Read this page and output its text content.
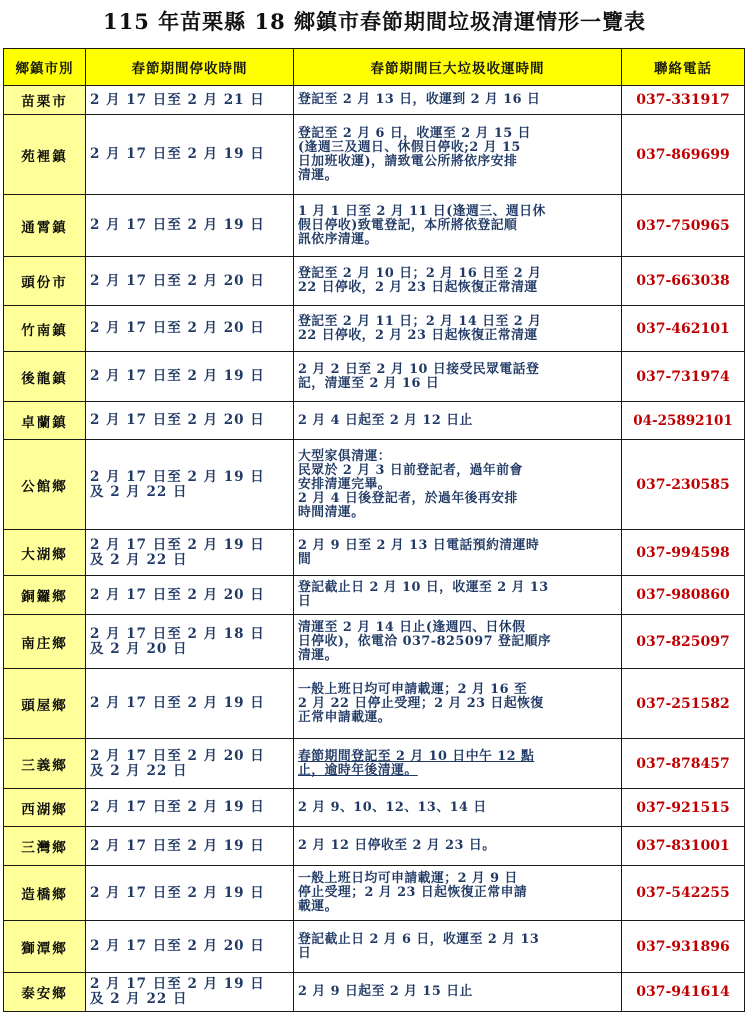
115 年苗栗縣 18 鄉鎮市春節期間垃圾清運情形一覽表
鄉鎮市別	春節期間停收時間	春節期間巨大垃圾收運時間	聯絡電話
苗栗市	2 月 17 日至 2 月 21 日	登記至 2 月 13 日，收運到 2 月 16 日	037-331917
苑裡鎮	2 月 17 日至 2 月 19 日	登記至 2 月 6 日，收運至 2 月 15 日
(逢週三及週日、休假日停收;2 月 15
日加班收運)，請致電公所將依序安排
清運。	037-869699
通霄鎮	2 月 17 日至 2 月 19 日	1 月 1 日至 2 月 11 日(逢週三、週日休
假日停收)致電登記，本所將依登記順
訊依序清運。	037-750965
頭份市	2 月 17 日至 2 月 20 日	登記至 2 月 10 日；2 月 16 日至 2 月
22 日停收，2 月 23 日起恢復正常清運	037-663038
竹南鎮	2 月 17 日至 2 月 20 日	登記至 2 月 11 日；2 月 14 日至 2 月
22 日停收，2 月 23 日起恢復正常清運	037-462101
後龍鎮	2 月 17 日至 2 月 19 日	2 月 2 日至 2 月 10 日接受民眾電話登
記，清運至 2 月 16 日	037-731974
卓蘭鎮	2 月 17 日至 2 月 20 日	2 月 4 日起至 2 月 12 日止	04-25892101
公館鄉	2 月 17 日至 2 月 19 日
及 2 月 22 日	大型家俱清運：
民眾於 2 月 3 日前登記者，過年前會
安排清運完畢。
2 月 4 日後登記者，於過年後再安排
時間清運。	037-230585
大湖鄉	2 月 17 日至 2 月 19 日
及 2 月 22 日	2 月 9 日至 2 月 13 日電話預約清運時
間	037-994598
銅鑼鄉	2 月 17 日至 2 月 20 日	登記截止日 2 月 10 日，收運至 2 月 13
日	037-980860
南庄鄉	2 月 17 日至 2 月 18 日
及 2 月 20 日	清運至 2 月 14 日止(逢週四、日休假
日停收)，依電洽 037-825097 登記順序
清運。	037-825097
頭屋鄉	2 月 17 日至 2 月 19 日	一般上班日均可申請載運；2 月 16 至
2 月 22 日停止受理；2 月 23 日起恢復
正常申請載運。	037-251582
三義鄉	2 月 17 日至 2 月 20 日
及 2 月 22 日	春節期間登記至 2 月 10 日中午 12 點
止，逾時年後清運。	037-878457
西湖鄉	2 月 17 日至 2 月 19 日	2 月 9、10、12、13、14 日	037-921515
三灣鄉	2 月 17 日至 2 月 19 日	2 月 12 日停收至 2 月 23 日。	037-831001
造橋鄉	2 月 17 日至 2 月 19 日	一般上班日均可申請載運；2 月 9 日
停止受理；2 月 23 日起恢復正常申請
載運。	037-542255
獅潭鄉	2 月 17 日至 2 月 20 日	登記截止日 2 月 6 日，收運至 2 月 13
日	037-931896
泰安鄉	2 月 17 日至 2 月 19 日
及 2 月 22 日	2 月 9 日起至 2 月 15 日止	037-941614
